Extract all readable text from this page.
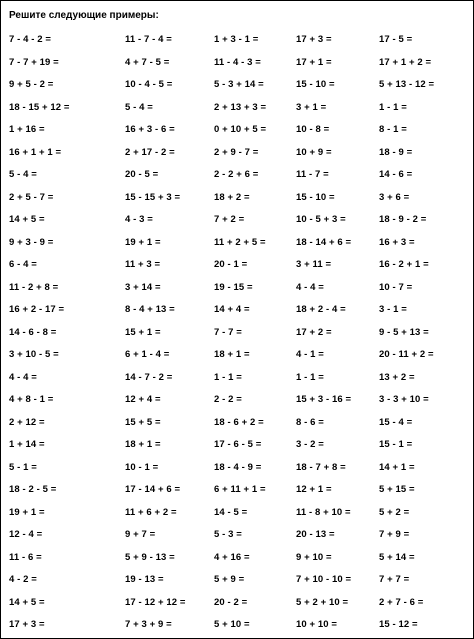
Решите следующие примеры:
7 - 4 - 2 =	11 - 7 - 4 =	1 + 3 - 1 =	17 + 3 =	17 - 5 =
7 - 7 + 19 =	4 + 7 - 5 =	11 - 4 - 3 =	17 + 1 =	17 + 1 + 2 =
9 + 5 - 2 =	10 - 4 - 5 =	5 - 3 + 14 =	15 - 10 =	5 + 13 - 12 =
18 - 15 + 12 =	5 - 4 =	2 + 13 + 3 =	3 + 1 =	1 - 1 =
1 + 16 =	16 + 3 - 6 =	0 + 10 + 5 =	10 - 8 =	8 - 1 =
16 + 1 + 1 =	2 + 17 - 2 =	2 + 9 - 7 =	10 + 9 =	18 - 9 =
5 - 4 =	20 - 5 =	2 - 2 + 6 =	11 - 7 =	14 - 6 =
2 + 5 - 7 =	15 - 15 + 3 =	18 + 2 =	15 - 10 =	3 + 6 =
14 + 5 =	4 - 3 =	7 + 2 =	10 - 5 + 3 =	18 - 9 - 2 =
9 + 3 - 9 =	19 + 1 =	11 + 2 + 5 =	18 - 14 + 6 =	16 + 3 =
6 - 4 =	11 + 3 =	20 - 1 =	3 + 11 =	16 - 2 + 1 =
11 - 2 + 8 =	3 + 14 =	19 - 15 =	4 - 4 =	10 - 7 =
16 + 2 - 17 =	8 - 4 + 13 =	14 + 4 =	18 + 2 - 4 =	3 - 1 =
14 - 6 - 8 =	15 + 1 =	7 - 7 =	17 + 2 =	9 - 5 + 13 =
3 + 10 - 5 =	6 + 1 - 4 =	18 + 1 =	4 - 1 =	20 - 11 + 2 =
4 - 4 =	14 - 7 - 2 =	1 - 1 =	1 - 1 =	13 + 2 =
4 + 8 - 1 =	12 + 4 =	2 - 2 =	15 + 3 - 16 =	3 - 3 + 10 =
2 + 12 =	15 + 5 =	18 - 6 + 2 =	8 - 6 =	15 - 4 =
1 + 14 =	18 + 1 =	17 - 6 - 5 =	3 - 2 =	15 - 1 =
5 - 1 =	10 - 1 =	18 - 4 - 9 =	18 - 7 + 8 =	14 + 1 =
18 - 2 - 5 =	17 - 14 + 6 =	6 + 11 + 1 =	12 + 1 =	5 + 15 =
19 + 1 =	11 + 6 + 2 =	14 - 5 =	11 - 8 + 10 =	5 + 2 =
12 - 4 =	9 + 7 =	5 - 3 =	20 - 13 =	7 + 9 =
11 - 6 =	5 + 9 - 13 =	4 + 16 =	9 + 10 =	5 + 14 =
4 - 2 =	19 - 13 =	5 + 9 =	7 + 10 - 10 =	7 + 7 =
14 + 5 =	17 - 12 + 12 =	20 - 2 =	5 + 2 + 10 =	2 + 7 - 6 =
17 + 3 =	7 + 3 + 9 =	5 + 10 =	10 + 10 =	15 - 12 =
